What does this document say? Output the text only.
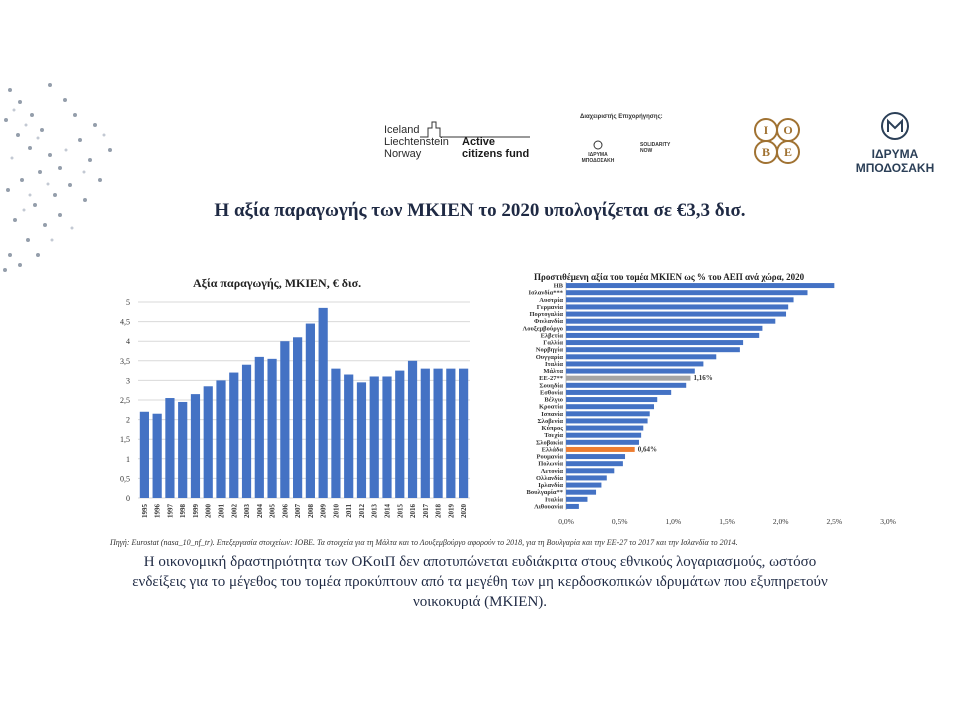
Iceland
Liechtenstein
Norway
Active
citizens fund
Διαχειριστής Επιχορήγησης:
ΙΔΡΥΜΑ ΜΠΟΔΟΣΑΚΗ
SOLIDARITY NOW
I	O
B	E	ΙΔΡΥΜΑ ΜΠΟΔΟΣΑΚΗ
Η αξία παραγωγής των ΜΚΙΕΝ το 2020 υπολογίζεται σε €3,3 δισ.
Αξία παραγωγής, ΜΚΙΕΝ, € δισ.
0
0,5
1
1,5
2
2,5
3
3,5
4
4,5
5
1995 1996 1997 1998 1999 2000 2001 2002 2003 2004 2005 2006 2007 2008 2009 2010 2011 2012 2013 2014 2015 2016 2017 2018 2019 2020
Προστιθέμενη αξία του τομέα ΜΚΙΕΝ ως % του ΑΕΠ ανά χώρα, 2020
0,0%	0,5%	1,0%	1,5%	2,0%	2,5%	3,0%
ΗΒ
Ισλανδία***
Αυστρία
Γερμανία
Πορτογαλία
Φινλανδία
Λουξεμβούργο
Ελβετία
Γαλλία
Νορβηγία
Ουγγαρία
Ιταλία
Μάλτα
ΕΕ-27**	1,16%
Σουηδία
Εσθονία
Βέλγιο
Κροατία
Ισπανία
Σλοβενία
Κύπρος
Τσεχία
Σλοβακία
Ελλάδα	0,64%
Ρουμανία
Πολωνία
Λετονία
Ολλανδία
Ιρλανδία
Βουλγαρία**
Ιταλία
Λιθουανία
Πηγή: Eurostat (nasa_10_nf_tr). Επεξεργασία στοιχείων: ΙΟΒΕ. Τα στοιχεία για τη Μάλτα και το Λουξεμβούργο αφορούν το 2018, για τη Βουλγαρία και την ΕΕ-27 το 2017 και την Ισλανδία το 2014.
Η οικονομική δραστηριότητα των ΟΚοιΠ δεν αποτυπώνεται ευδιάκριτα στους εθνικούς λογαριασμούς, ωστόσο ενδείξεις για το μέγεθος του τομέα προκύπτουν από τα μεγέθη των μη κερδοσκοπικών ιδρυμάτων που εξυπηρετούν νοικοκυριά (ΜΚΙΕΝ).
